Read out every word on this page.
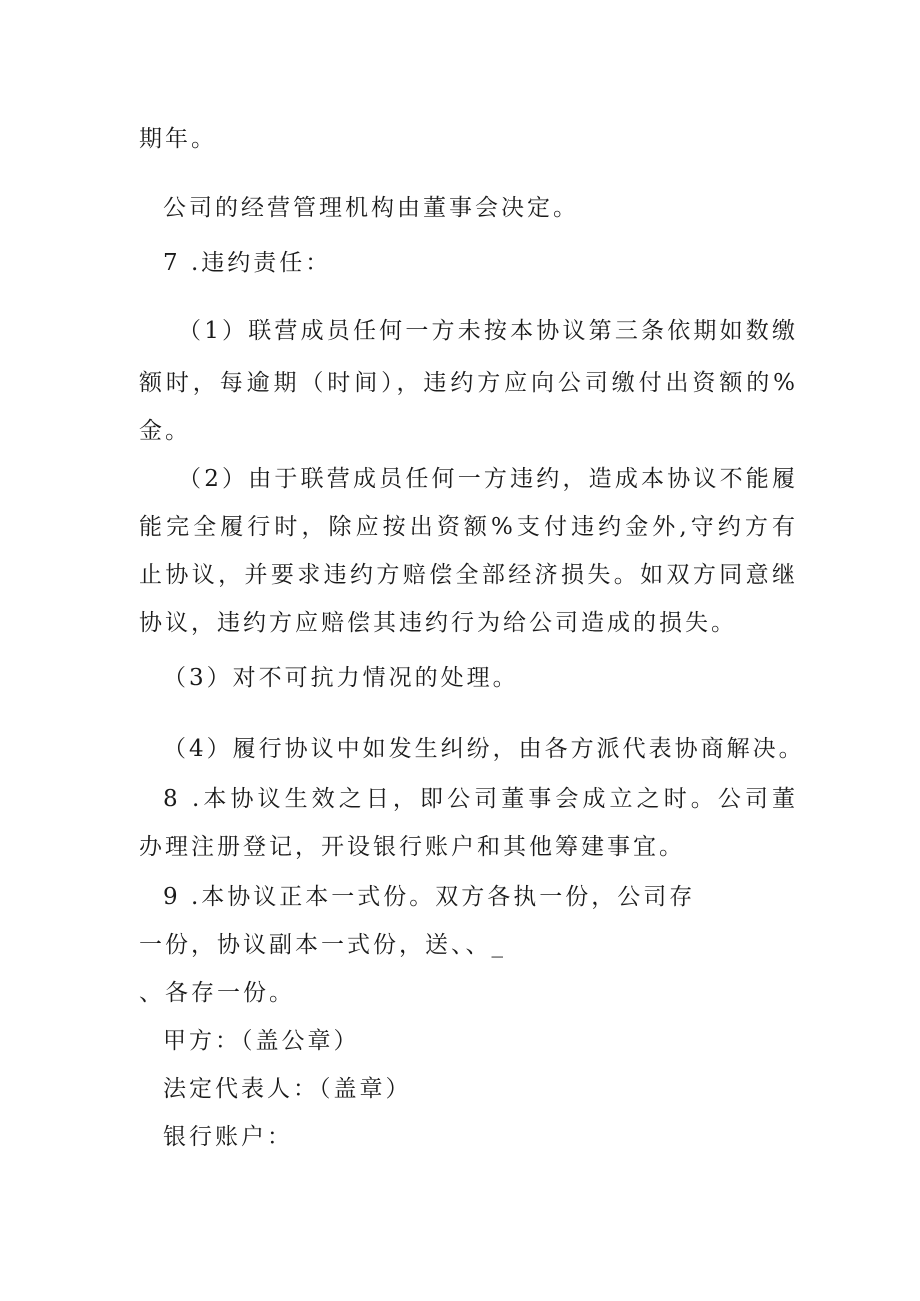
期年。
公司的经营管理机构由董事会决定。
7 .违约责任：
（1）联营成员任何一方未按本协议第三条依期如数缴
额时，每逾期（时间），违约方应向公司缴付出资额的%
金。
（2）由于联营成员任何一方违约，造成本协议不能履
能完全履行时，除应按出资额%支付违约金外,守约方有
止协议，并要求违约方赔偿全部经济损失。如双方同意继
协议，违约方应赔偿其违约行为给公司造成的损失。
（3）对不可抗力情况的处理。
（4）履行协议中如发生纠纷，由各方派代表协商解决。
8 .本协议生效之日，即公司董事会成立之时。公司董
办理注册登记，开设银行账户和其他筹建事宜。
9 .本协议正本一式份。双方各执一份，公司存
一份，协议副本一式份，送、、_
、各存一份。
甲方：（盖公章）
法定代表人：（盖章）
银行账户：
